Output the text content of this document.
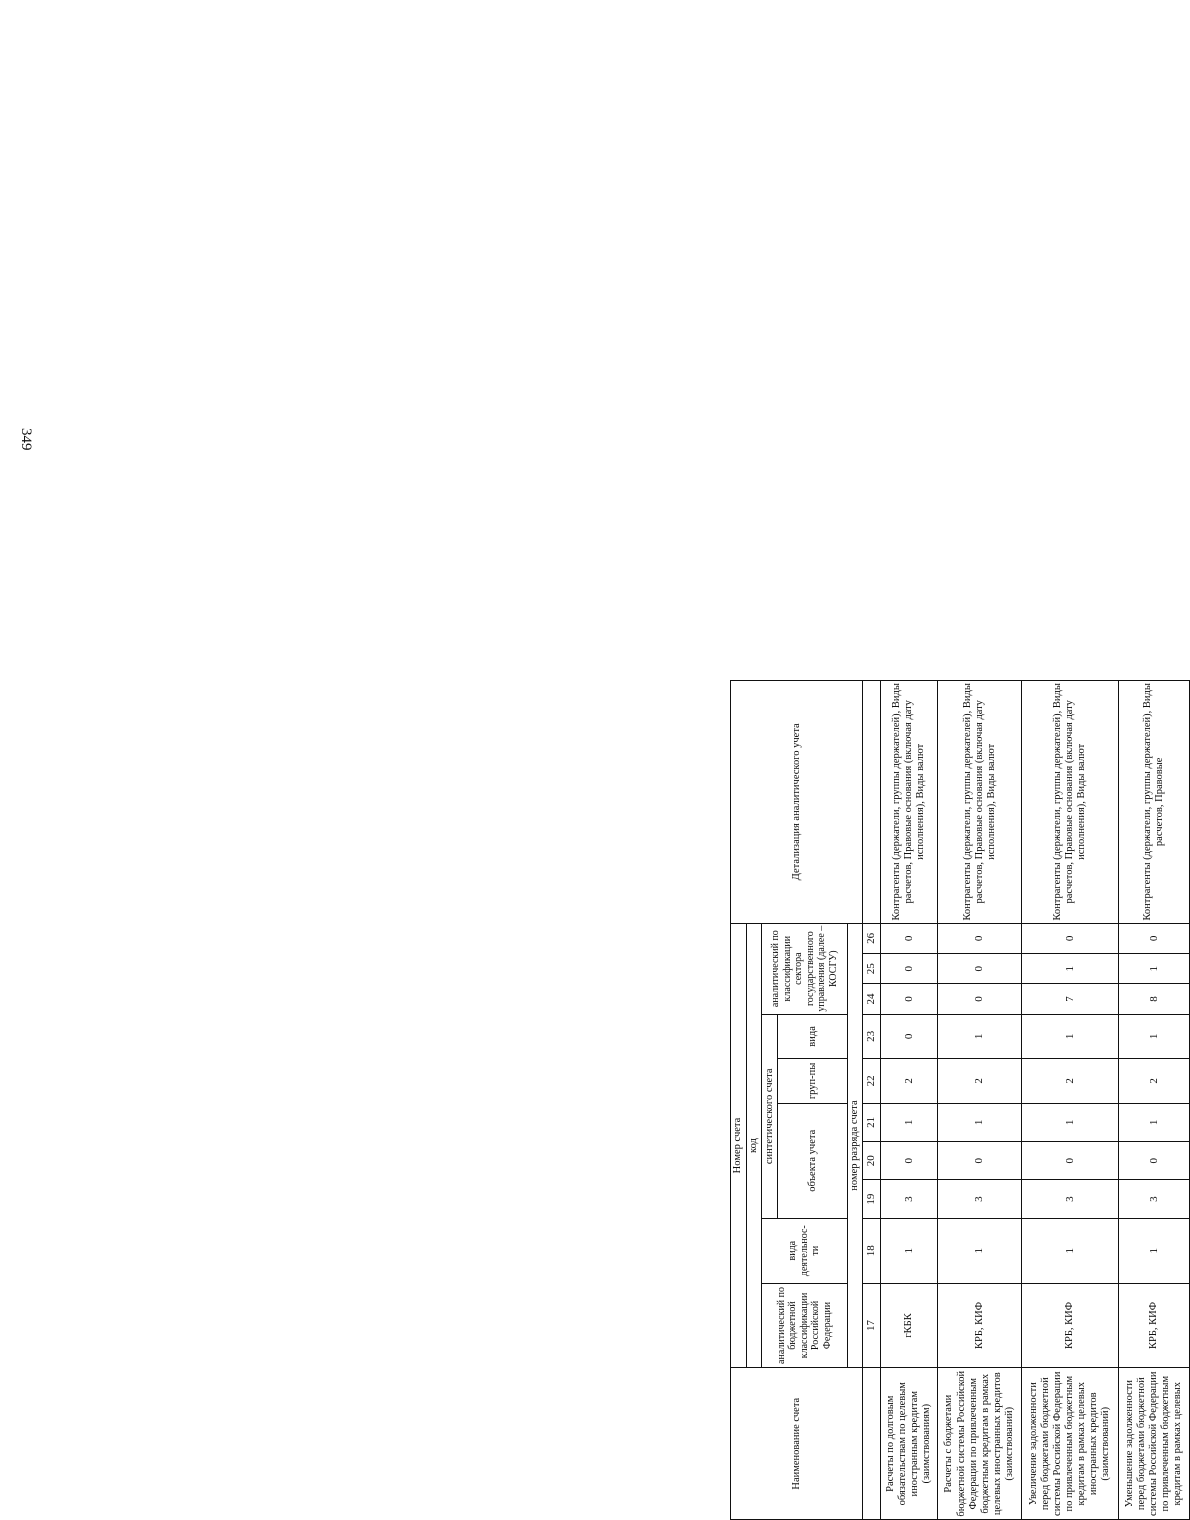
349
Наименование счета	Номер счета										Детализация аналитического учета
	код										
	аналитический по бюджетной классификации Российской Федерации	вида деятельнос-ти	синтетического счета					аналитический по классификации сектора государственного управления (далее – КОСГУ)			
			объекта учета			груп-пы	вида				
	номер разряда счета										
	17	18	19	20	21	22	23	24	25	26	
Расчеты по долговым обязательствам по целевым иностранным кредитам (заимствованиям)	гКБК	1	3	0	1	2	0	0	0	0	Контрагенты (держатели, группы держателей), Виды расчетов, Правовые основания (включая дату исполнения), Виды валют
Расчеты с бюджетами бюджетной системы Российской Федерации по привлеченным бюджетным кредитам в рамках целевых иностранных кредитов (заимствований)	КРБ, КИФ	1	3	0	1	2	1	0	0	0	Контрагенты (держатели, группы держателей), Виды расчетов, Правовые основания (включая дату исполнения), Виды валют
Увеличение задолженности перед бюджетами бюджетной системы Российской Федерации по привлеченным бюджетным кредитам в рамках целевых иностранных кредитов (заимствований)	КРБ, КИФ	1	3	0	1	2	1	7	1	0	Контрагенты (держатели, группы держателей), Виды расчетов, Правовые основания (включая дату исполнения), Виды валют
Уменьшение задолженности перед бюджетами бюджетной системы Российской Федерации по привлеченным бюджетным кредитам в рамках целевых	КРБ, КИФ	1	3	0	1	2	1	8	1	0	Контрагенты (держатели, группы держателей), Виды расчетов, Правовые
